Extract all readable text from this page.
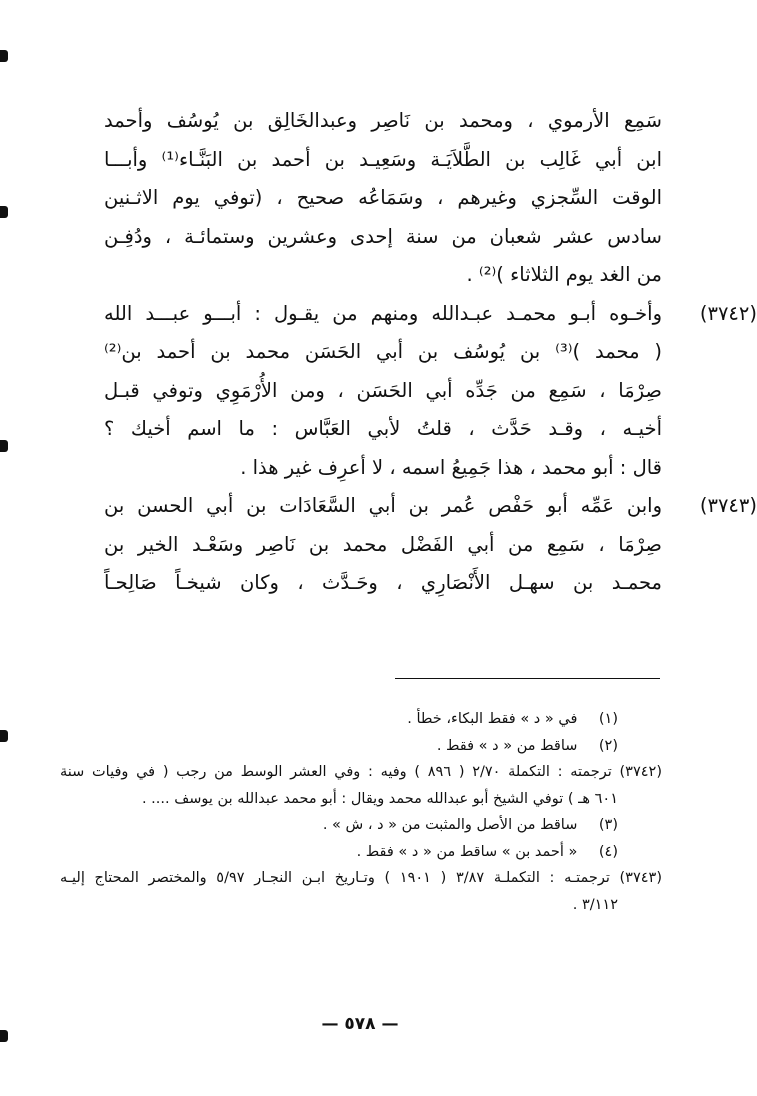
سَمِع الأرموي ، ومحمد بن نَاصِر وعبدالخَالِق بن يُوسُف وأحمد
ابن أبي غَالِب بن الطَّلاَيَـة وسَعِيـد بن أحمد بن البَنَّـاء⁽¹⁾ وأبـــا
الوقت السِّجزي وغيرهم ، وسَمَاعُه صحيح ، (توفي يوم الاثـنين
سادس عشر شعبان من سنة إحدى وعشرين وستمائـة ، ودُفِـن
من الغد يوم الثلاثاء )⁽²⁾ .
(٣٧٤٢)
وأخـوه أبـو محمـد عبـدالله ومنهم من يقـول : أبـــو عبـــد الله
( محمد )⁽³⁾ بن يُوسُف بن أبي الحَسَن محمد بن أحمد بن⁽²⁾
صِرْمَا ، سَمِع من جَدِّه أبي الحَسَن ، ومن الأُرْمَوِي وتوفي قبـل
أخيـه ، وقـد حَدَّث ، قلتُ لأبي العَبَّاس : ما اسم أخيك ؟
قال : أبو محمد ، هذا جَمِيعُ اسمه ، لا أعرِف غير هذا .
(٣٧٤٣)
وابن عَمِّه أبو حَفْص عُمر بن أبي السَّعَادَات بن أبي الحسن بن
صِرْمَا ، سَمِع من أبي الفَضْل محمد بن نَاصِر وسَعْـد الخير بن
محمـد بن سهـل الأَنْصَارِي ، وحَـدَّث ، وكان شيخـاً صَالِحـاً
(١) في « د » فقط البكاء، خطأ .
(٢) ساقط من « د » فقط .
(٣٧٤٢) ترجمته : التكملة ٢/٧٠ ( ٨٩٦ ) وفيه : وفي العشر الوسط من رجب ( في وفيات سنة
٦٠١ هـ ) توفي الشيخ أبو عبدالله محمد ويقال : أبو محمد عبدالله بن يوسف .... .
(٣) ساقط من الأصل والمثبت من « د ، ش » .
(٤) « أحمد بن » ساقط من « د » فقط .
(٣٧٤٣) ترجمتـه : التكملـة ٣/٨٧ ( ١٩٠١ ) وتـاريخ ابـن النجـار ٥/٩٧ والمختصر المحتاج إليـه
٣/١١٢ .
— ٥٧٨ —
